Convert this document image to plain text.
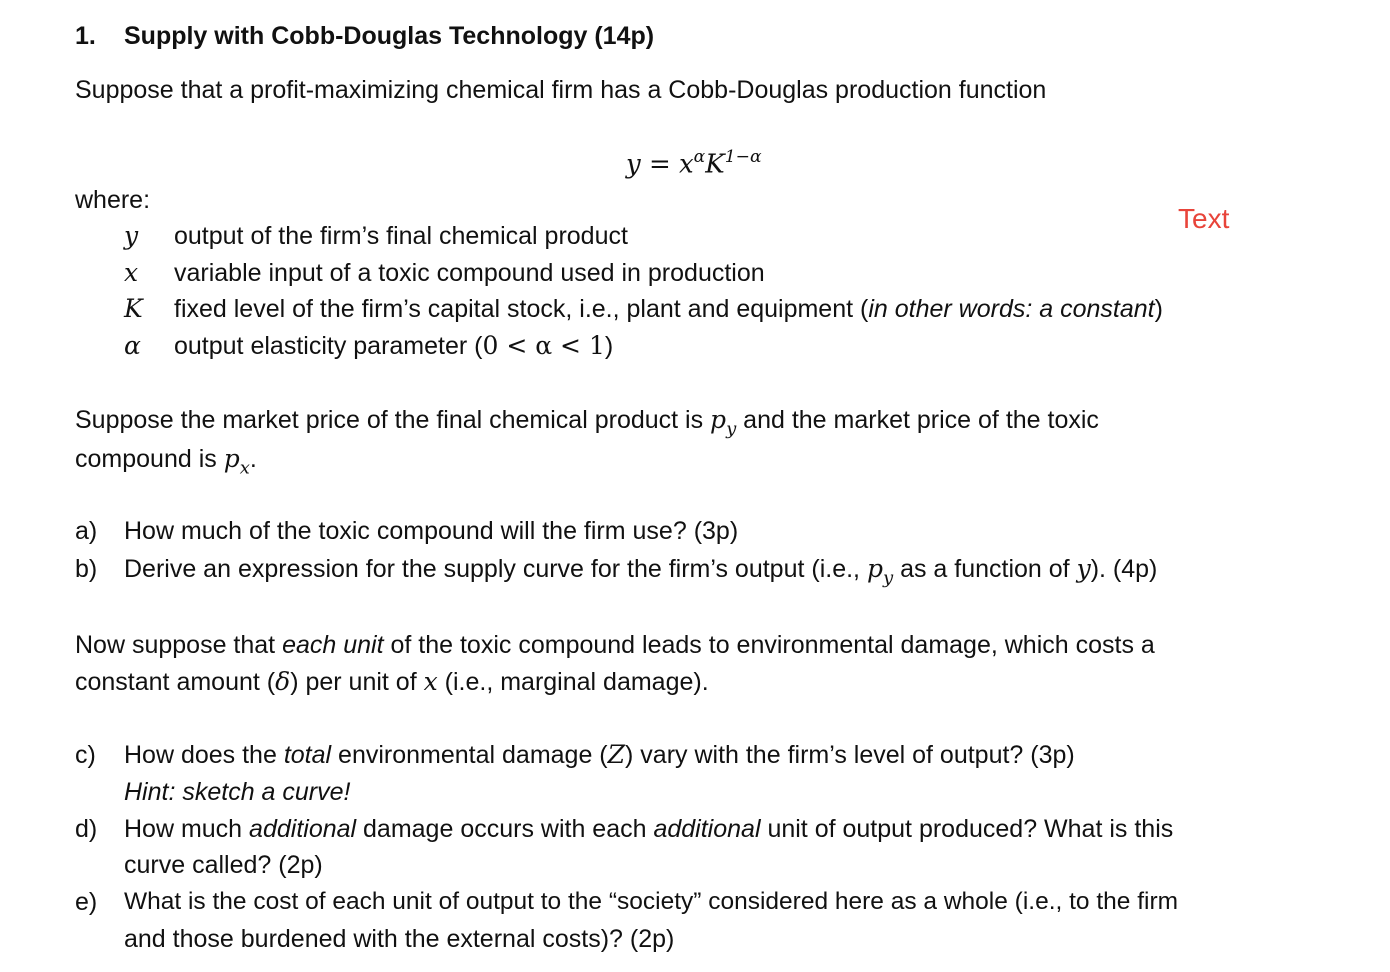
1. Supply with Cobb-Douglas Technology (14p)
Suppose that a profit-maximizing chemical firm has a Cobb-Douglas production function
$y = x^\alpha K^{1-\alpha}$
where:
Text
y output of the firm’s final chemical product
x variable input of a toxic compound used in production
K fixed level of the firm’s capital stock, i.e., plant and equipment (in other words: a constant)
α output elasticity parameter (0 < α < 1)
Suppose the market price of the final chemical product is $p_y$ and the market price of the toxic
compound is $p_x$.
a) How much of the toxic compound will the firm use? (3p)
b) Derive an expression for the supply curve for the firm’s output (i.e., $p_y$ as a function of y). (4p)
Now suppose that each unit of the toxic compound leads to environmental damage, which costs a
constant amount (δ) per unit of x (i.e., marginal damage).
c) How does the total environmental damage (Z) vary with the firm’s level of output? (3p)
Hint: sketch a curve!
d) How much additional damage occurs with each additional unit of output produced? What is this
curve called? (2p)
e) What is the cost of each unit of output to the “society” considered here as a whole (i.e., to the firm
and those burdened with the external costs)? (2p)
